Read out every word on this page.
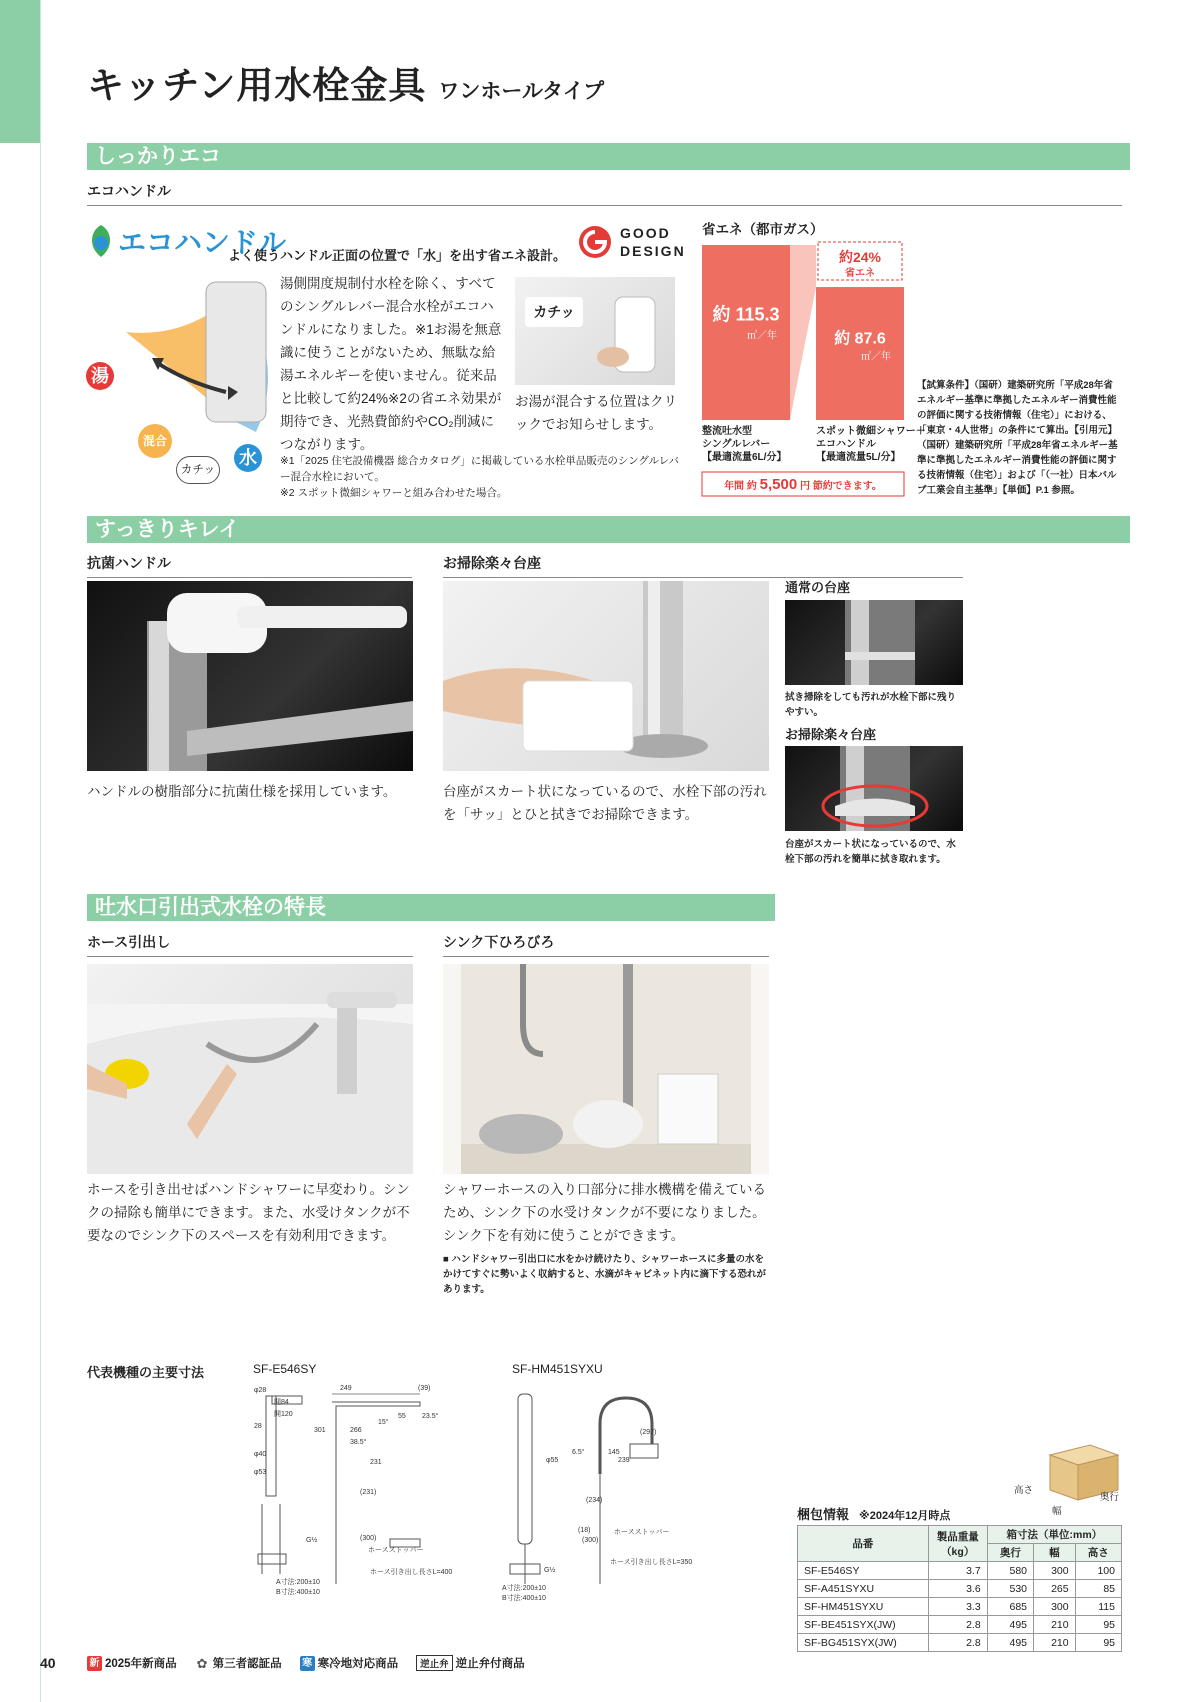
キッチン用水栓金具 ワンホールタイプ
しっかりエコ
エコハンドル
エコハンドル
よく使うハンドル正面の位置で「水」を出す省エネ設計。
GOOD
DESIGN
湯
混合
水
カチッ
湯側開度規制付水栓を除く、すべてのシングルレバー混合水栓がエコハンドルになりました。※1お湯を無意識に使うことがないため、無駄な給湯エネルギーを使いません。従来品と比較して約24%※2の省エネ効果が期待でき、光熱費節約やCO₂削減につながります。
カチッ
お湯が混合する位置はクリックでお知らせします。
※1「2025 住宅設備機器 総合カタログ」に掲載している水栓単品販売のシングルレバー混合水栓において。
※2 スポット微細シャワーと組み合わせた場合。
省エネ（都市ガス）
約 115.3
㎥／年
整流吐水型
シングルレバー
【最適流量6L/分】
約 87.6
㎥／年
スポット微細シャワー＋
エコハンドル
【最適流量5L/分】
約24%
省エネ
年間 約 5,500 円 節約できます。
【試算条件】（国研）建築研究所「平成28年省エネルギー基準に準拠したエネルギー消費性能の評価に関する技術情報（住宅）」における、「東京・4人世帯」の条件にて算出。【引用元】（国研）建築研究所「平成28年省エネルギー基準に準拠したエネルギー消費性能の評価に関する技術情報（住宅）」および「（一社）日本バルブ工業会自主基準」【単価】P.1 参照。
すっきりキレイ
抗菌ハンドル
ハンドルの樹脂部分に抗菌仕様を採用しています。
お掃除楽々台座
台座がスカート状になっているので、水栓下部の汚れを「サッ」とひと拭きでお掃除できます。
通常の台座
拭き掃除をしても汚れが水栓下部に残りやすい。
お掃除楽々台座
台座がスカート状になっているので、水栓下部の汚れを簡単に拭き取れます。
吐水口引出式水栓の特長
ホース引出し
ホースを引き出せばハンドシャワーに早変わり。シンクの掃除も簡単にできます。また、水受けタンクが不要なのでシンク下のスペースを有効利用できます。
シンク下ひろびろ
シャワーホースの入り口部分に排水機構を備えているため、シンク下の水受けタンクが不要になりました。シンク下を有効に使うことができます。
■ ハンドシャワー引出口に水をかけ続けたり、シャワーホースに多量の水をかけてすぐに勢いよく収納すると、水滴がキャビネット内に滴下する恐れがあります。
代表機種の主要寸法	SF-E546SY	SF-HM451SYXU
φ28
開84
開120
28
φ40
φ53
249	(39)
15°
55 23.5°
301	266
38.5°
231
(231)
(300)
G½
A寸法:200±10
B寸法:400±10
ホースストッパー
ホース引き出し長さL=400
φ55
145
239
6.5°
(297)
(234)
(18)
(300)
G½
A寸法:200±10
B寸法:400±10
ホースストッパー
ホース引き出し長さL=350
高さ
幅
奥行
梱包情報 ※2024年12月時点
品番	製品重量（kg）	箱寸法（単位:mm）		
		奥行	幅	高さ
SF-E546SY	3.7	580	300	100
SF-A451SYXU	3.6	530	265	85
SF-HM451SYXU	3.3	685	300	115
SF-BE451SYX(JW)	2.8	495	210	95
SF-BG451SYX(JW)	2.8	495	210	95
40	新 2025年新商品 ✿ 第三者認証品 寒 寒冷地対応商品	逆止弁 逆止弁付商品
